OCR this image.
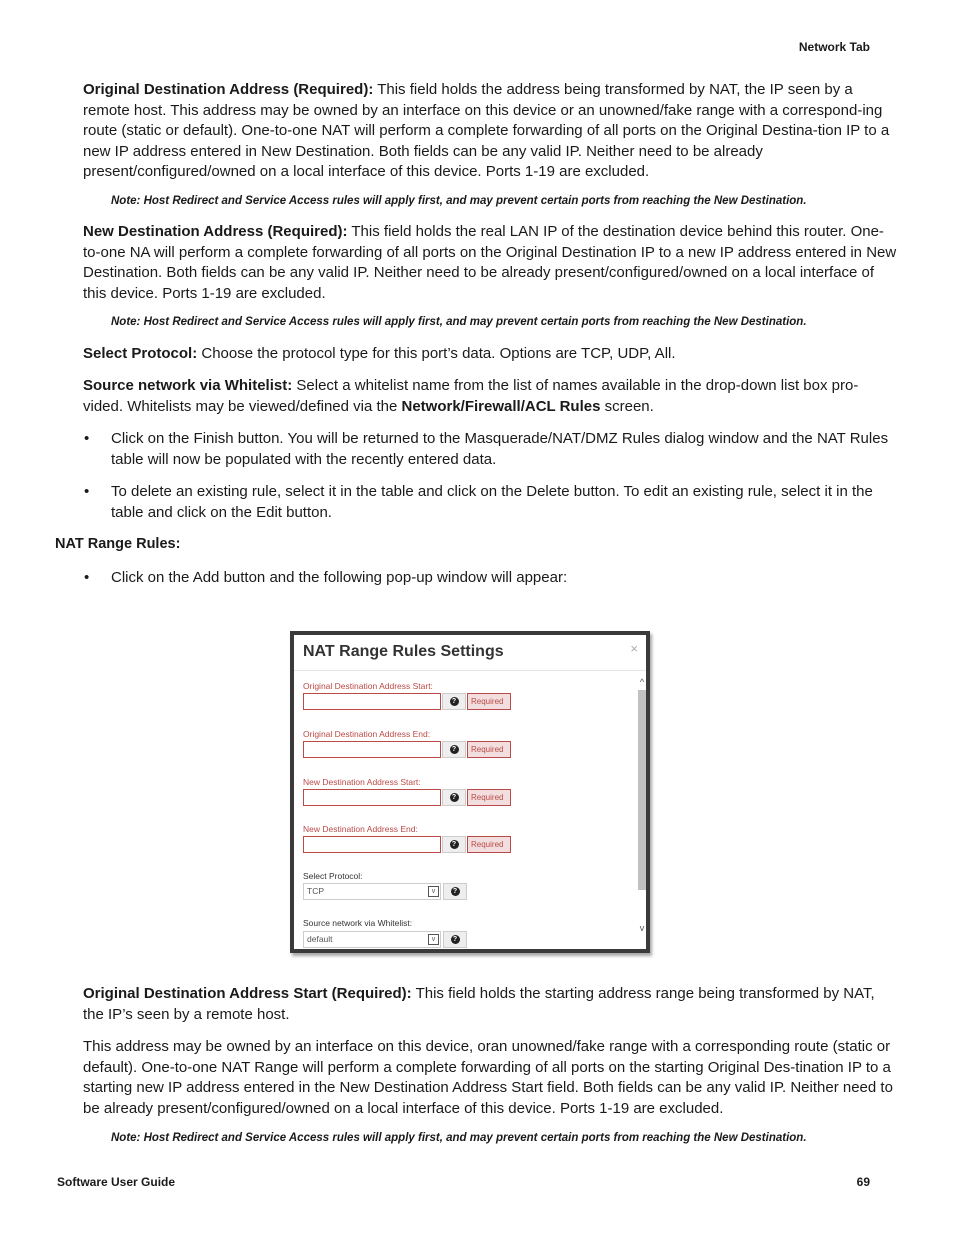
Network Tab

Original Destination Address (Required): This field holds the address being transformed by NAT, the IP seen by a remote host. This address may be owned by an interface on this device or an unowned/fake range with a correspond-ing route (static or default). One-to-one NAT will perform a complete forwarding of all ports on the Original Destina-tion IP to a new IP address entered in New Destination. Both fields can be any valid IP. Neither need to be already present/configured/owned on a local interface of this device. Ports 1-19 are excluded.

Note: Host Redirect and Service Access rules will apply first, and may prevent certain ports from reaching the New Destination.

New Destination Address (Required): This field holds the real LAN IP of the destination device behind this router. One-to-one NA will perform a complete forwarding of all ports on the Original Destination IP to a new IP address entered in New Destination. Both fields can be any valid IP. Neither need to be already present/configured/owned on a local interface of this device. Ports 1-19 are excluded.

Note: Host Redirect and Service Access rules will apply first, and may prevent certain ports from reaching the New Destination.

Select Protocol: Choose the protocol type for this port’s data. Options are TCP, UDP, All.

Source network via Whitelist: Select a whitelist name from the list of names available in the drop-down list box pro-vided. Whitelists may be viewed/defined via the Network/Firewall/ACL Rules screen.

• Click on the Finish button. You will be returned to the Masquerade/NAT/DMZ Rules dialog window and the NAT Rules table will now be populated with the recently entered data.
• To delete an existing rule, select it in the table and click on the Delete button. To edit an existing rule, select it in the table and click on the Edit button.
NAT Range Rules:
• Click on the Add button and the following pop-up window will appear:
NAT Range Rules Settings	×
Original Destination Address Start:
?	Required
Original Destination Address End:
?	Required
New Destination Address Start:
?	Required
New Destination Address End:
?	Required
Select Protocol:
TCP	v	?
Source network via Whitelist:
default	v	?
^
v

Original Destination Address Start (Required): This field holds the starting address range being transformed by NAT, the IP’s seen by a remote host.

This address may be owned by an interface on this device, oran unowned/fake range with a corresponding route (static or default). One-to-one NAT Range will perform a complete forwarding of all ports on the starting Original Des-tination IP to a starting new IP address entered in the New Destination Address Start field. Both fields can be any valid IP. Neither need to be already present/configured/owned on a local interface of this device. Ports 1-19 are excluded.

Note: Host Redirect and Service Access rules will apply first, and may prevent certain ports from reaching the New Destination.

Software User Guide	69
